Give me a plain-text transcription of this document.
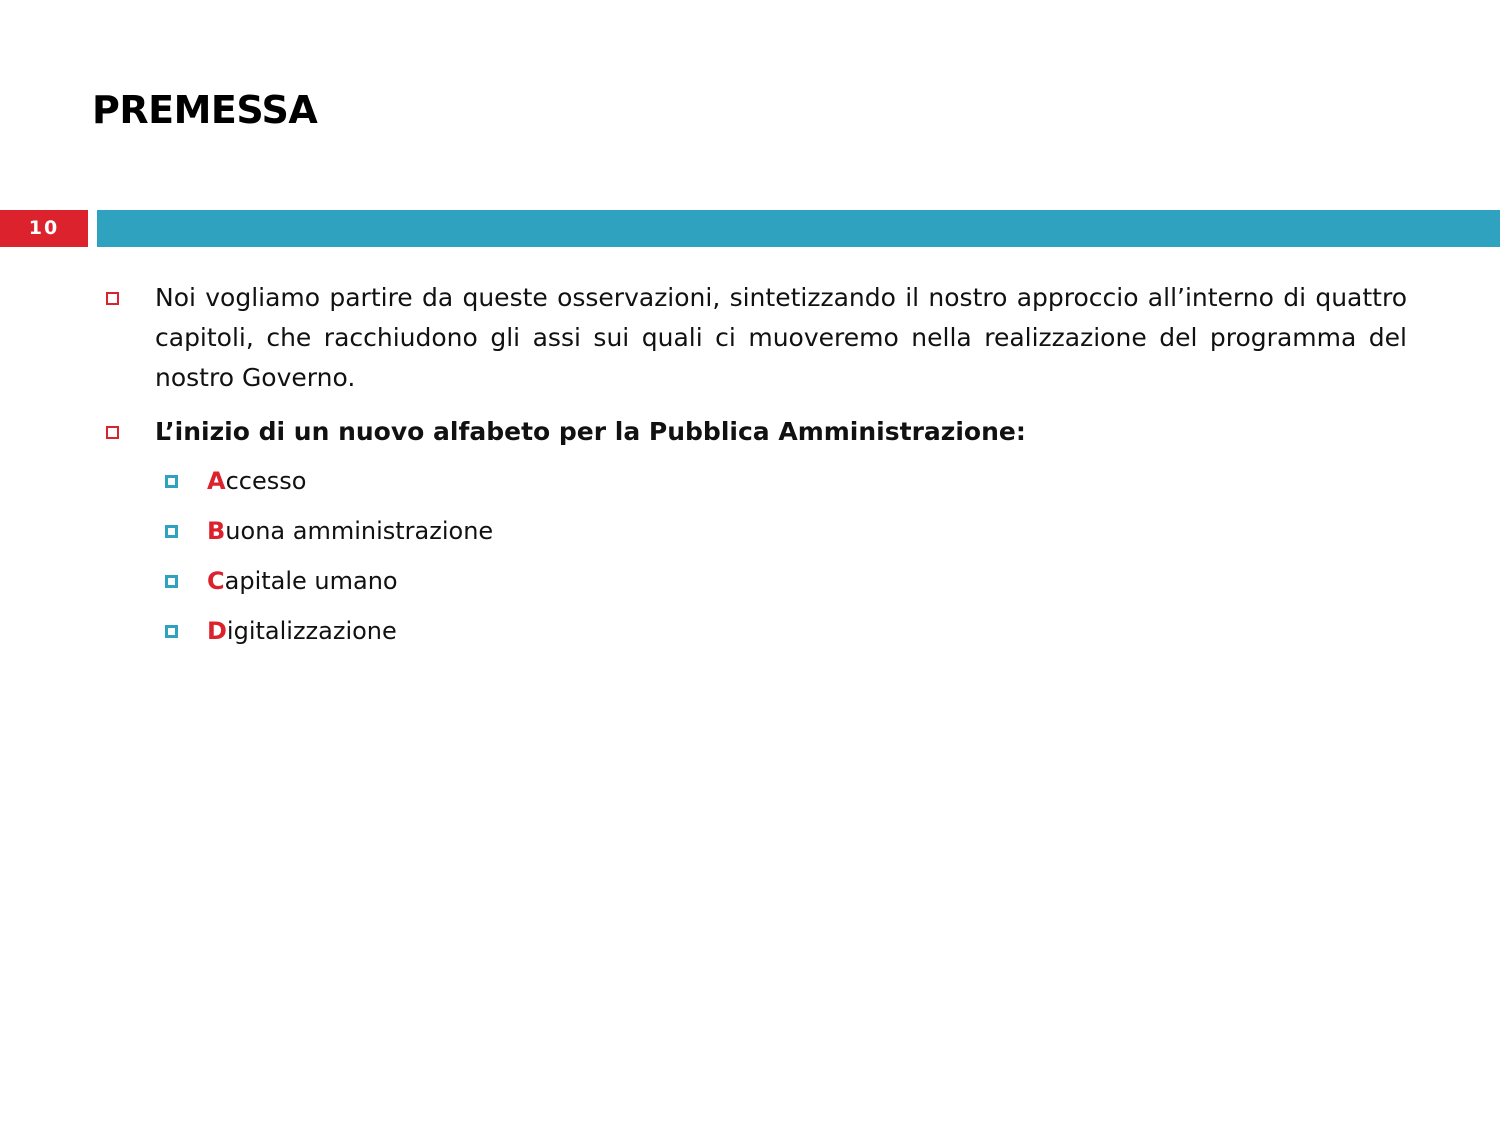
PREMESSA
10
Noi vogliamo partire da queste osservazioni, sintetizzando il nostro approccio all’interno di quattro capitoli, che racchiudono gli assi sui quali ci muoveremo nella realizzazione del programma del nostro Governo.
L’inizio di un nuovo alfabeto per la Pubblica Amministrazione:
Accesso
Buona amministrazione
Capitale umano
Digitalizzazione
